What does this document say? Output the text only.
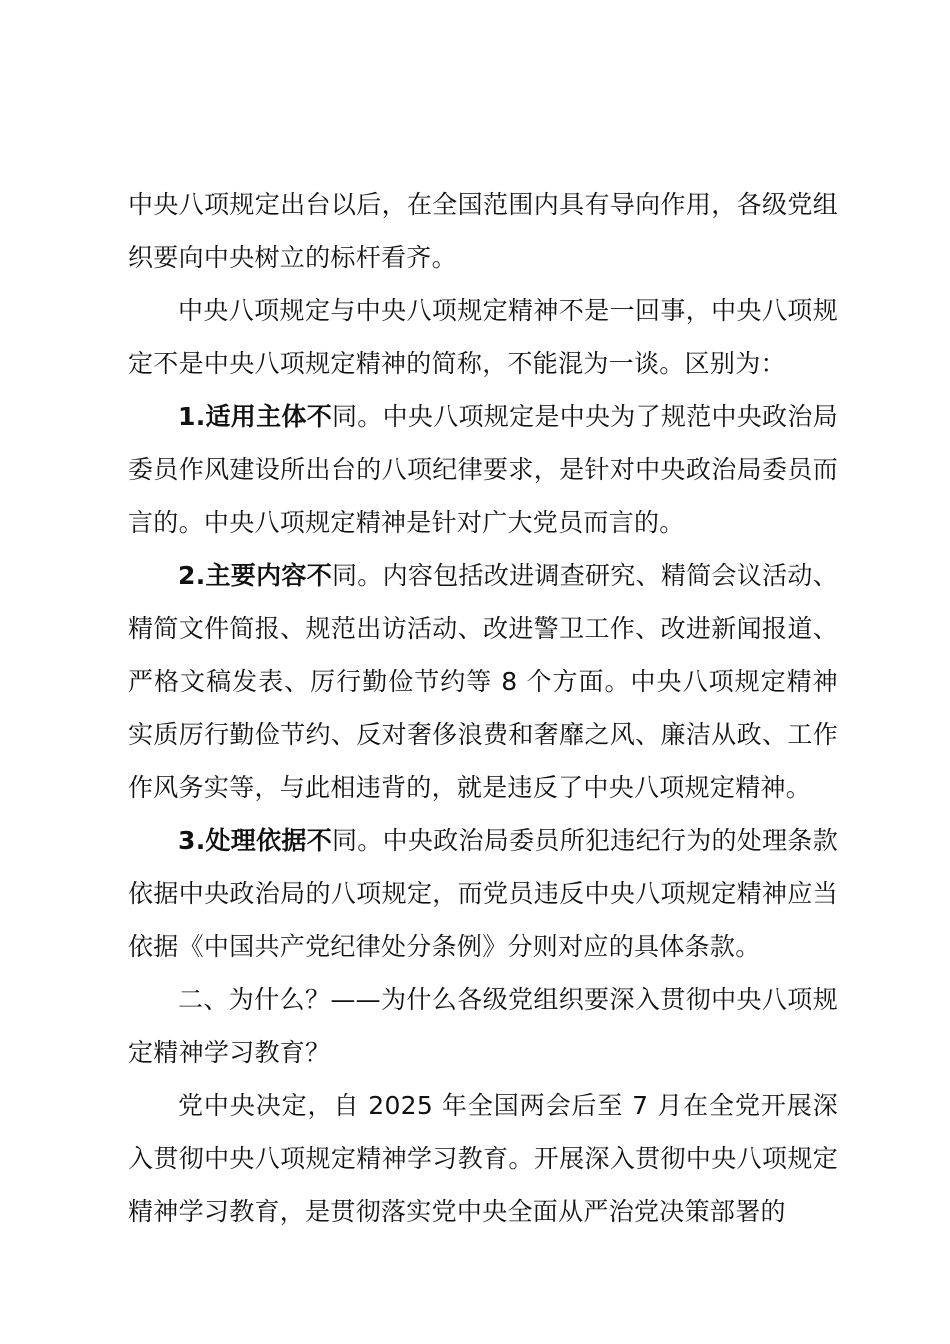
中央八项规定出台以后，在全国范围内具有导向作用，各级党组织要向中央树立的标杆看齐。

中央八项规定与中央八项规定精神不是一回事，中央八项规定不是中央八项规定精神的简称，不能混为一谈。区别为：

1.适用主体不同。中央八项规定是中央为了规范中央政治局委员作风建设所出台的八项纪律要求，是针对中央政治局委员而言的。中央八项规定精神是针对广大党员而言的。

2.主要内容不同。内容包括改进调查研究、精简会议活动、精简文件简报、规范出访活动、改进警卫工作、改进新闻报道、严格文稿发表、厉行勤俭节约等 8 个方面。中央八项规定精神实质厉行勤俭节约、反对奢侈浪费和奢靡之风、廉洁从政、工作作风务实等，与此相违背的，就是违反了中央八项规定精神。

3.处理依据不同。中央政治局委员所犯违纪行为的处理条款依据中央政治局的八项规定，而党员违反中央八项规定精神应当依据《中国共产党纪律处分条例》分则对应的具体条款。

二、为什么？——为什么各级党组织要深入贯彻中央八项规定精神学习教育？

党中央决定，自 2025 年全国两会后至 7 月在全党开展深入贯彻中央八项规定精神学习教育。开展深入贯彻中央八项规定精神学习教育，是贯彻落实党中央全面从严治党决策部署的
